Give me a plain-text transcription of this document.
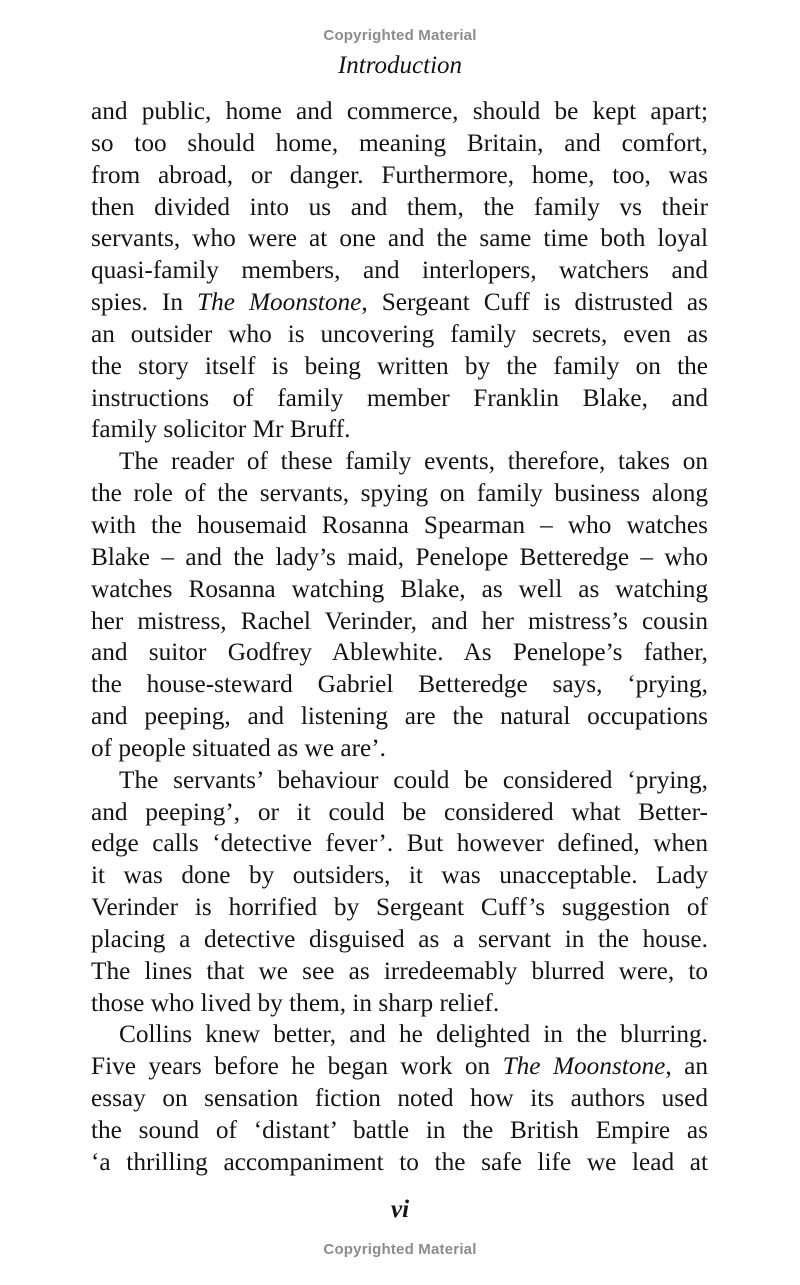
Copyrighted Material
Introduction
and public, home and commerce, should be kept apart;
so too should home, meaning Britain, and comfort,
from abroad, or danger. Furthermore, home, too, was
then divided into us and them, the family vs their
servants, who were at one and the same time both loyal
quasi-family members, and interlopers, watchers and
spies. In The Moonstone, Sergeant Cuff is distrusted as
an outsider who is uncovering family secrets, even as
the story itself is being written by the family on the
instructions of family member Franklin Blake, and
family solicitor Mr Bruff.
The reader of these family events, therefore, takes on
the role of the servants, spying on family business along
with the housemaid Rosanna Spearman – who watches
Blake – and the lady’s maid, Penelope Betteredge – who
watches Rosanna watching Blake, as well as watching
her mistress, Rachel Verinder, and her mistress’s cousin
and suitor Godfrey Ablewhite. As Penelope’s father,
the house-steward Gabriel Betteredge says, ‘prying,
and peeping, and listening are the natural occupations
of people situated as we are’.
The servants’ behaviour could be considered ‘prying,
and peeping’, or it could be considered what Better-
edge calls ‘detective fever’. But however defined, when
it was done by outsiders, it was unacceptable. Lady
Verinder is horrified by Sergeant Cuff’s suggestion of
placing a detective disguised as a servant in the house.
The lines that we see as irredeemably blurred were, to
those who lived by them, in sharp relief.
Collins knew better, and he delighted in the blurring.
Five years before he began work on The Moonstone, an
essay on sensation fiction noted how its authors used
the sound of ‘distant’ battle in the British Empire as
‘a thrilling accompaniment to the safe life we lead at
vi
Copyrighted Material
